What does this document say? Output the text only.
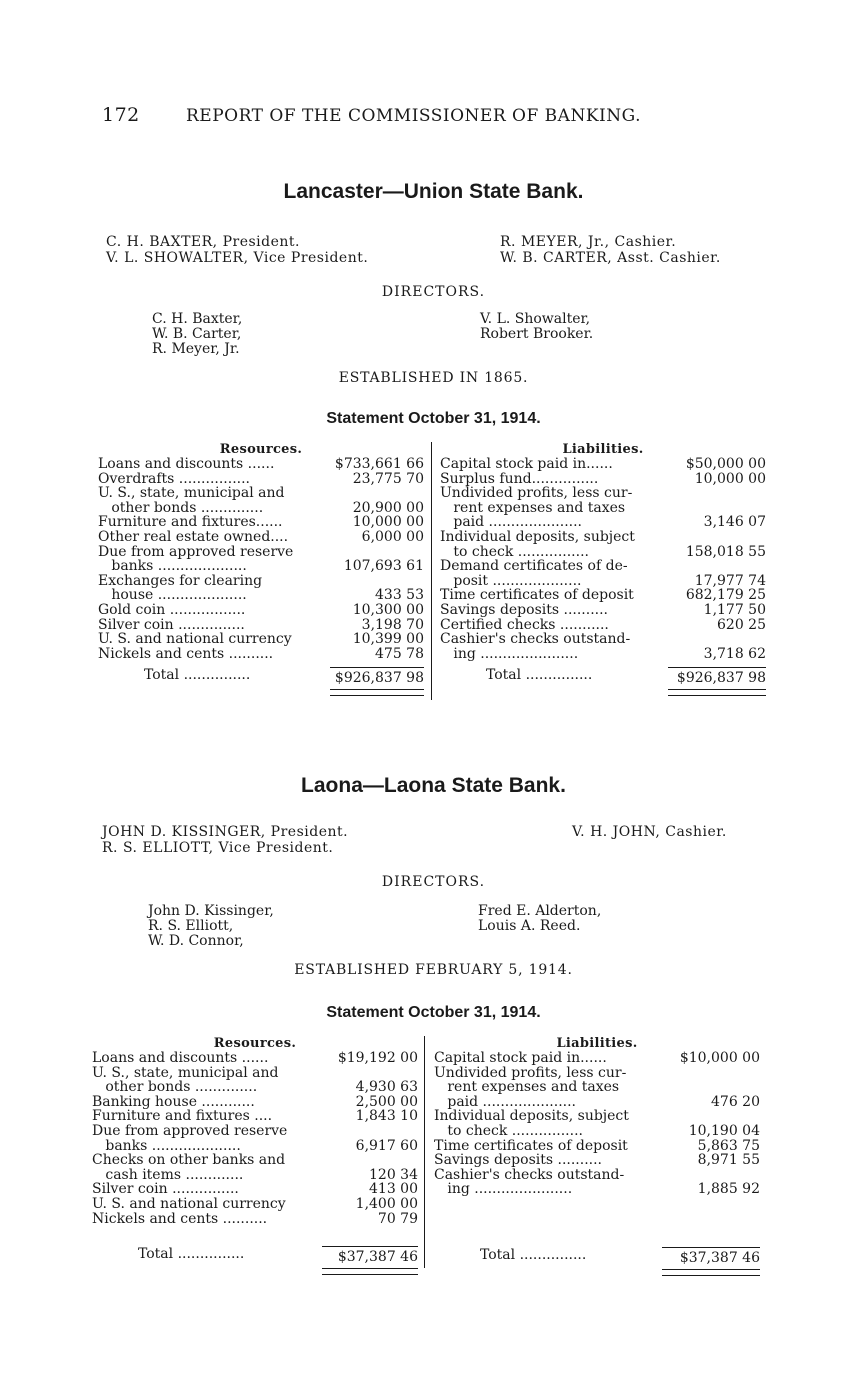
172	REPORT OF THE COMMISSIONER OF BANKING.
Lancaster—Union State Bank.
C. H. BAXTER, President.
V. L. SHOWALTER, Vice President.
R. MEYER, Jr., Cashier.
W. B. CARTER, Asst. Cashier.
DIRECTORS.
C. H. Baxter,
W. B. Carter,
R. Meyer, Jr.
V. L. Showalter,
Robert Brooker.
ESTABLISHED IN 1865.
Statement October 31, 1914.
Resources.
Loans and discounts ......	$733,661 66
Overdrafts ................	23,775 70
U. S., state, municipal and
other bonds ..............	20,900 00
Furniture and fixtures......	10,000 00
Other real estate owned....	6,000 00
Due from approved reserve
banks ....................	107,693 61
Exchanges for clearing
house ....................	433 53
Gold coin .................	10,300 00
Silver coin ...............	3,198 70
U. S. and national currency	10,399 00
Nickels and cents ..........	475 78
Total ...............	$926,837 98
Liabilities.
Capital stock paid in......	$50,000 00
Surplus fund...............	10,000 00
Undivided profits, less cur-
rent expenses and taxes
paid .....................	3,146 07
Individual deposits, subject
to check ................	158,018 55
Demand certificates of de-
posit ....................	17,977 74
Time certificates of deposit	682,179 25
Savings deposits ..........	1,177 50
Certified checks ...........	620 25
Cashier's checks outstand-
ing ......................	3,718 62
Total ...............	$926,837 98
Laona—Laona State Bank.
JOHN D. KISSINGER, President.
R. S. ELLIOTT, Vice President.
V. H. JOHN, Cashier.
DIRECTORS.
John D. Kissinger,
R. S. Elliott,
W. D. Connor,
Fred E. Alderton,
Louis A. Reed.
ESTABLISHED FEBRUARY 5, 1914.
Statement October 31, 1914.
Resources.
Loans and discounts ......	$19,192 00
U. S., state, municipal and
other bonds ..............	4,930 63
Banking house ............	2,500 00
Furniture and fixtures ....	1,843 10
Due from approved reserve
banks ....................	6,917 60
Checks on other banks and
cash items .............	120 34
Silver coin ...............	413 00
U. S. and national currency	1,400 00
Nickels and cents ..........	70 79
Total ...............	$37,387 46
Liabilities.
Capital stock paid in......	$10,000 00
Undivided profits, less cur-
rent expenses and taxes
paid .....................	476 20
Individual deposits, subject
to check ................	10,190 04
Time certificates of deposit	5,863 75
Savings deposits ..........	8,971 55
Cashier's checks outstand-
ing ......................	1,885 92
Total ...............	$37,387 46
